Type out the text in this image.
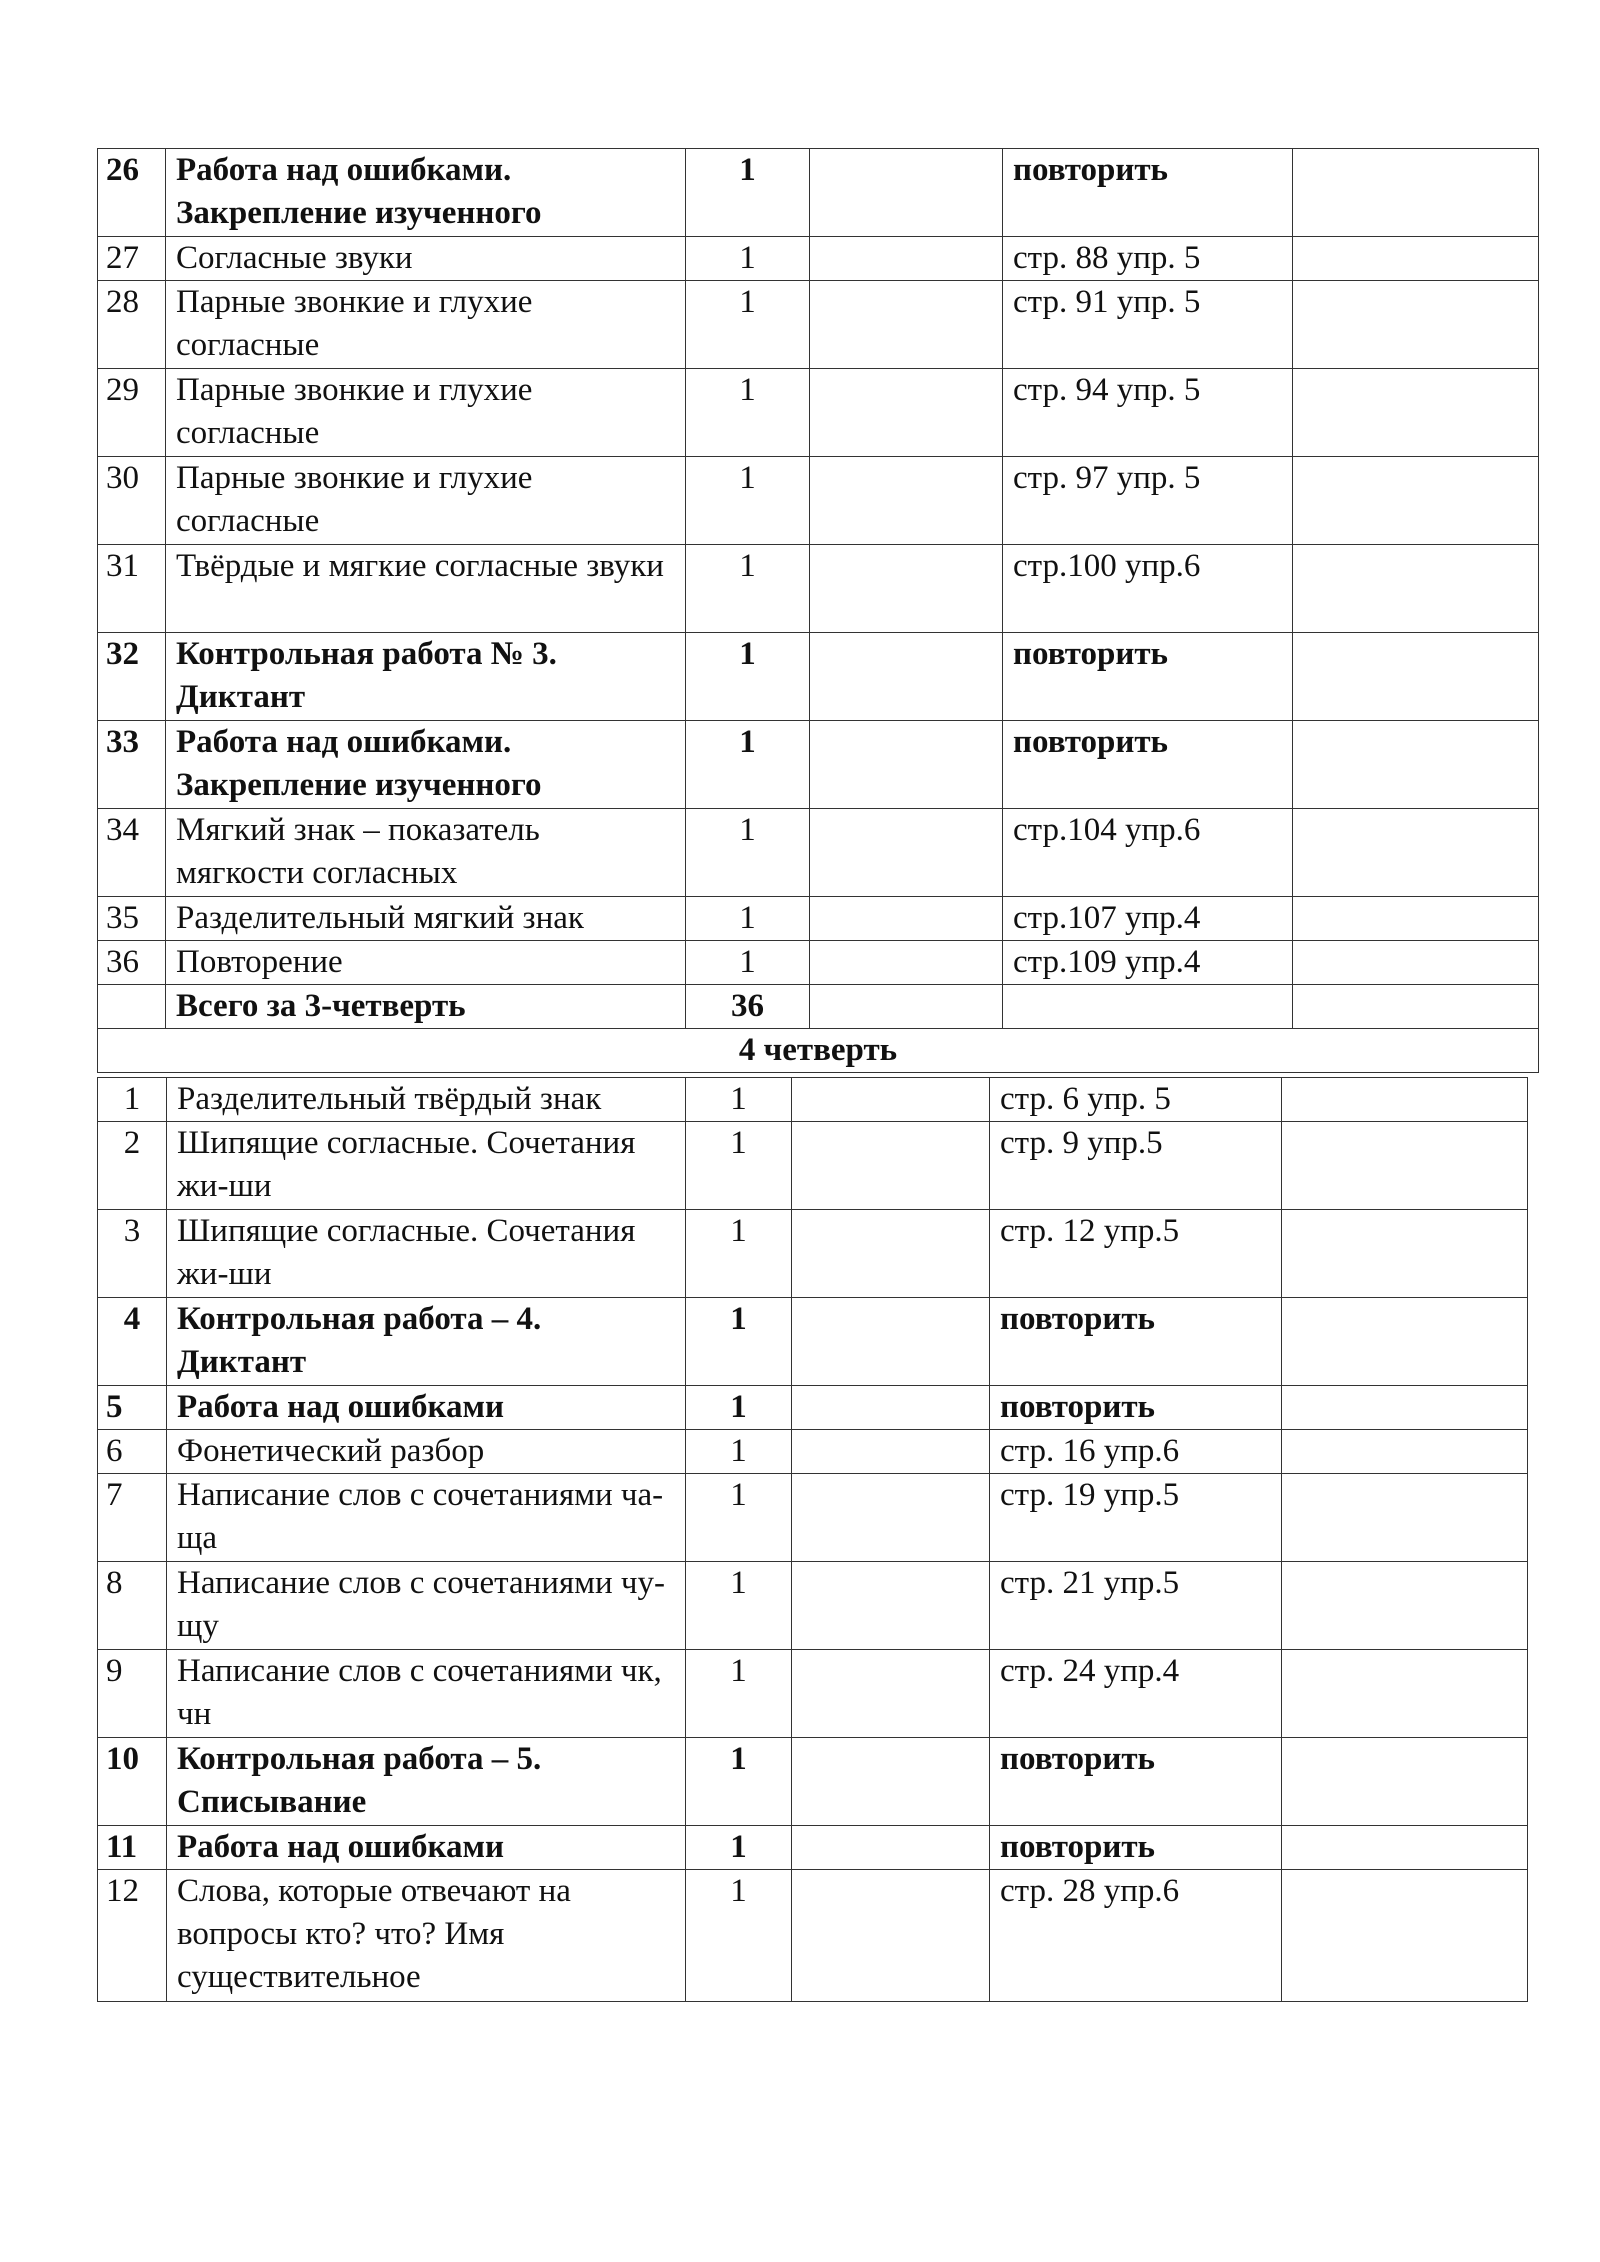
26	Работа над ошибками. Закрепление изученного	1		повторить	
27	Согласные звуки	1		стр. 88 упр. 5	
28	Парные звонкие и глухие согласные	1		стр. 91 упр. 5	
29	Парные звонкие и глухие согласные	1		стр. 94 упр. 5	
30	Парные звонкие и глухие согласные	1		стр. 97 упр. 5	
31	Твёрдые и мягкие согласные звуки	1		стр.100 упр.6	
32	Контрольная работа № 3. Диктант	1		повторить	
33	Работа над ошибками. Закрепление изученного	1		повторить	
34	Мягкий знак – показатель мягкости согласных	1		стр.104 упр.6	
35	Разделительный мягкий знак	1		стр.107 упр.4	
36	Повторение	1		стр.109 упр.4	
	Всего за 3-четверть	36			
4 четверть					
1	Разделительный твёрдый знак	1		стр. 6 упр. 5	
2	Шипящие согласные. Сочетания жи-ши	1		стр. 9 упр.5	
3	Шипящие согласные. Сочетания жи-ши	1		стр. 12 упр.5	
4	Контрольная работа – 4. Диктант	1		повторить	
5	Работа над ошибками	1		повторить	
6	Фонетический разбор	1		стр. 16 упр.6	
7	Написание слов с сочетаниями ча-ща	1		стр. 19 упр.5	
8	Написание слов с сочетаниями чу-щу	1		стр. 21 упр.5	
9	Написание слов с сочетаниями чк, чн	1		стр. 24 упр.4	
10	Контрольная работа – 5. Списывание	1		повторить	
11	Работа над ошибками	1		повторить	
12	Слова, которые отвечают на вопросы кто? что? Имя существительное	1		стр. 28 упр.6	
